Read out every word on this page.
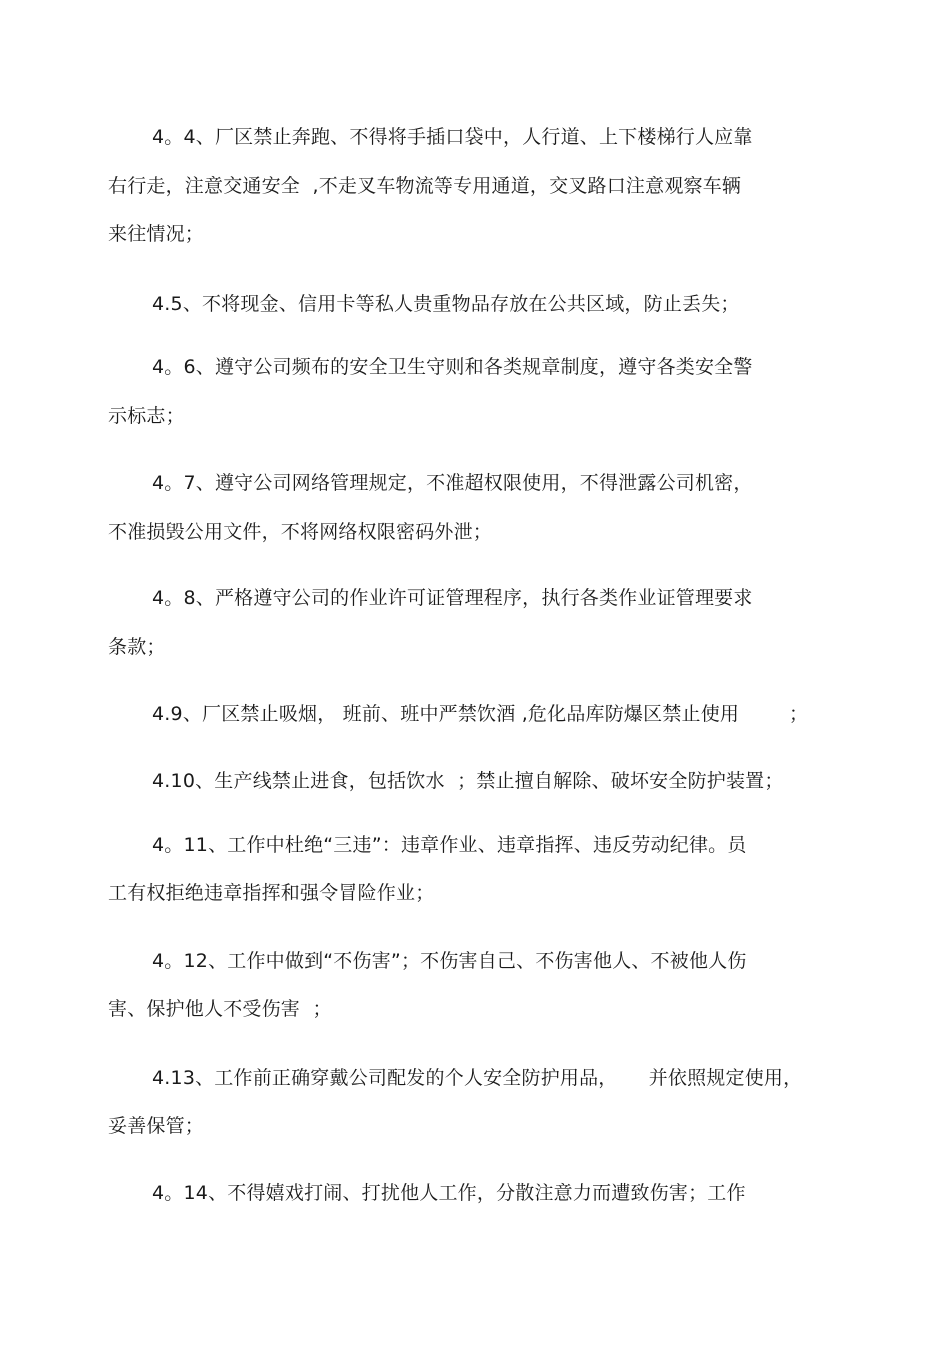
4。4、厂区禁止奔跑、不得将手插口袋中，人行道、上下楼梯行人应靠
右行走，注意交通安全  ,不走叉车物流等专用通道，交叉路口注意观察车辆
来往情况；
4.5、不将现金、信用卡等私人贵重物品存放在公共区域，防止丢失；
4。6、遵守公司频布的安全卫生守则和各类规章制度，遵守各类安全警
示标志；
4。7、遵守公司网络管理规定，不准超权限使用，不得泄露公司机密，
不准损毁公用文件，不将网络权限密码外泄；
4。8、严格遵守公司的作业许可证管理程序，执行各类作业证管理要求
条款；
4.9、厂区禁止吸烟， 班前、班中严禁饮酒 ,危化品库防爆区禁止使用        ；
4.10、生产线禁止进食，包括饮水  ；禁止擅自解除、破坏安全防护装置；
4。11、工作中杜绝“三违”：违章作业、违章指挥、违反劳动纪律。员
工有权拒绝违章指挥和强令冒险作业；
4。12、工作中做到“不伤害”；不伤害自己、不伤害他人、不被他人伤
害、保护他人不受伤害  ；
4.13、工作前正确穿戴公司配发的个人安全防护用品，     并依照规定使用，
妥善保管；
4。14、不得嬉戏打闹、打扰他人工作，分散注意力而遭致伤害；工作
